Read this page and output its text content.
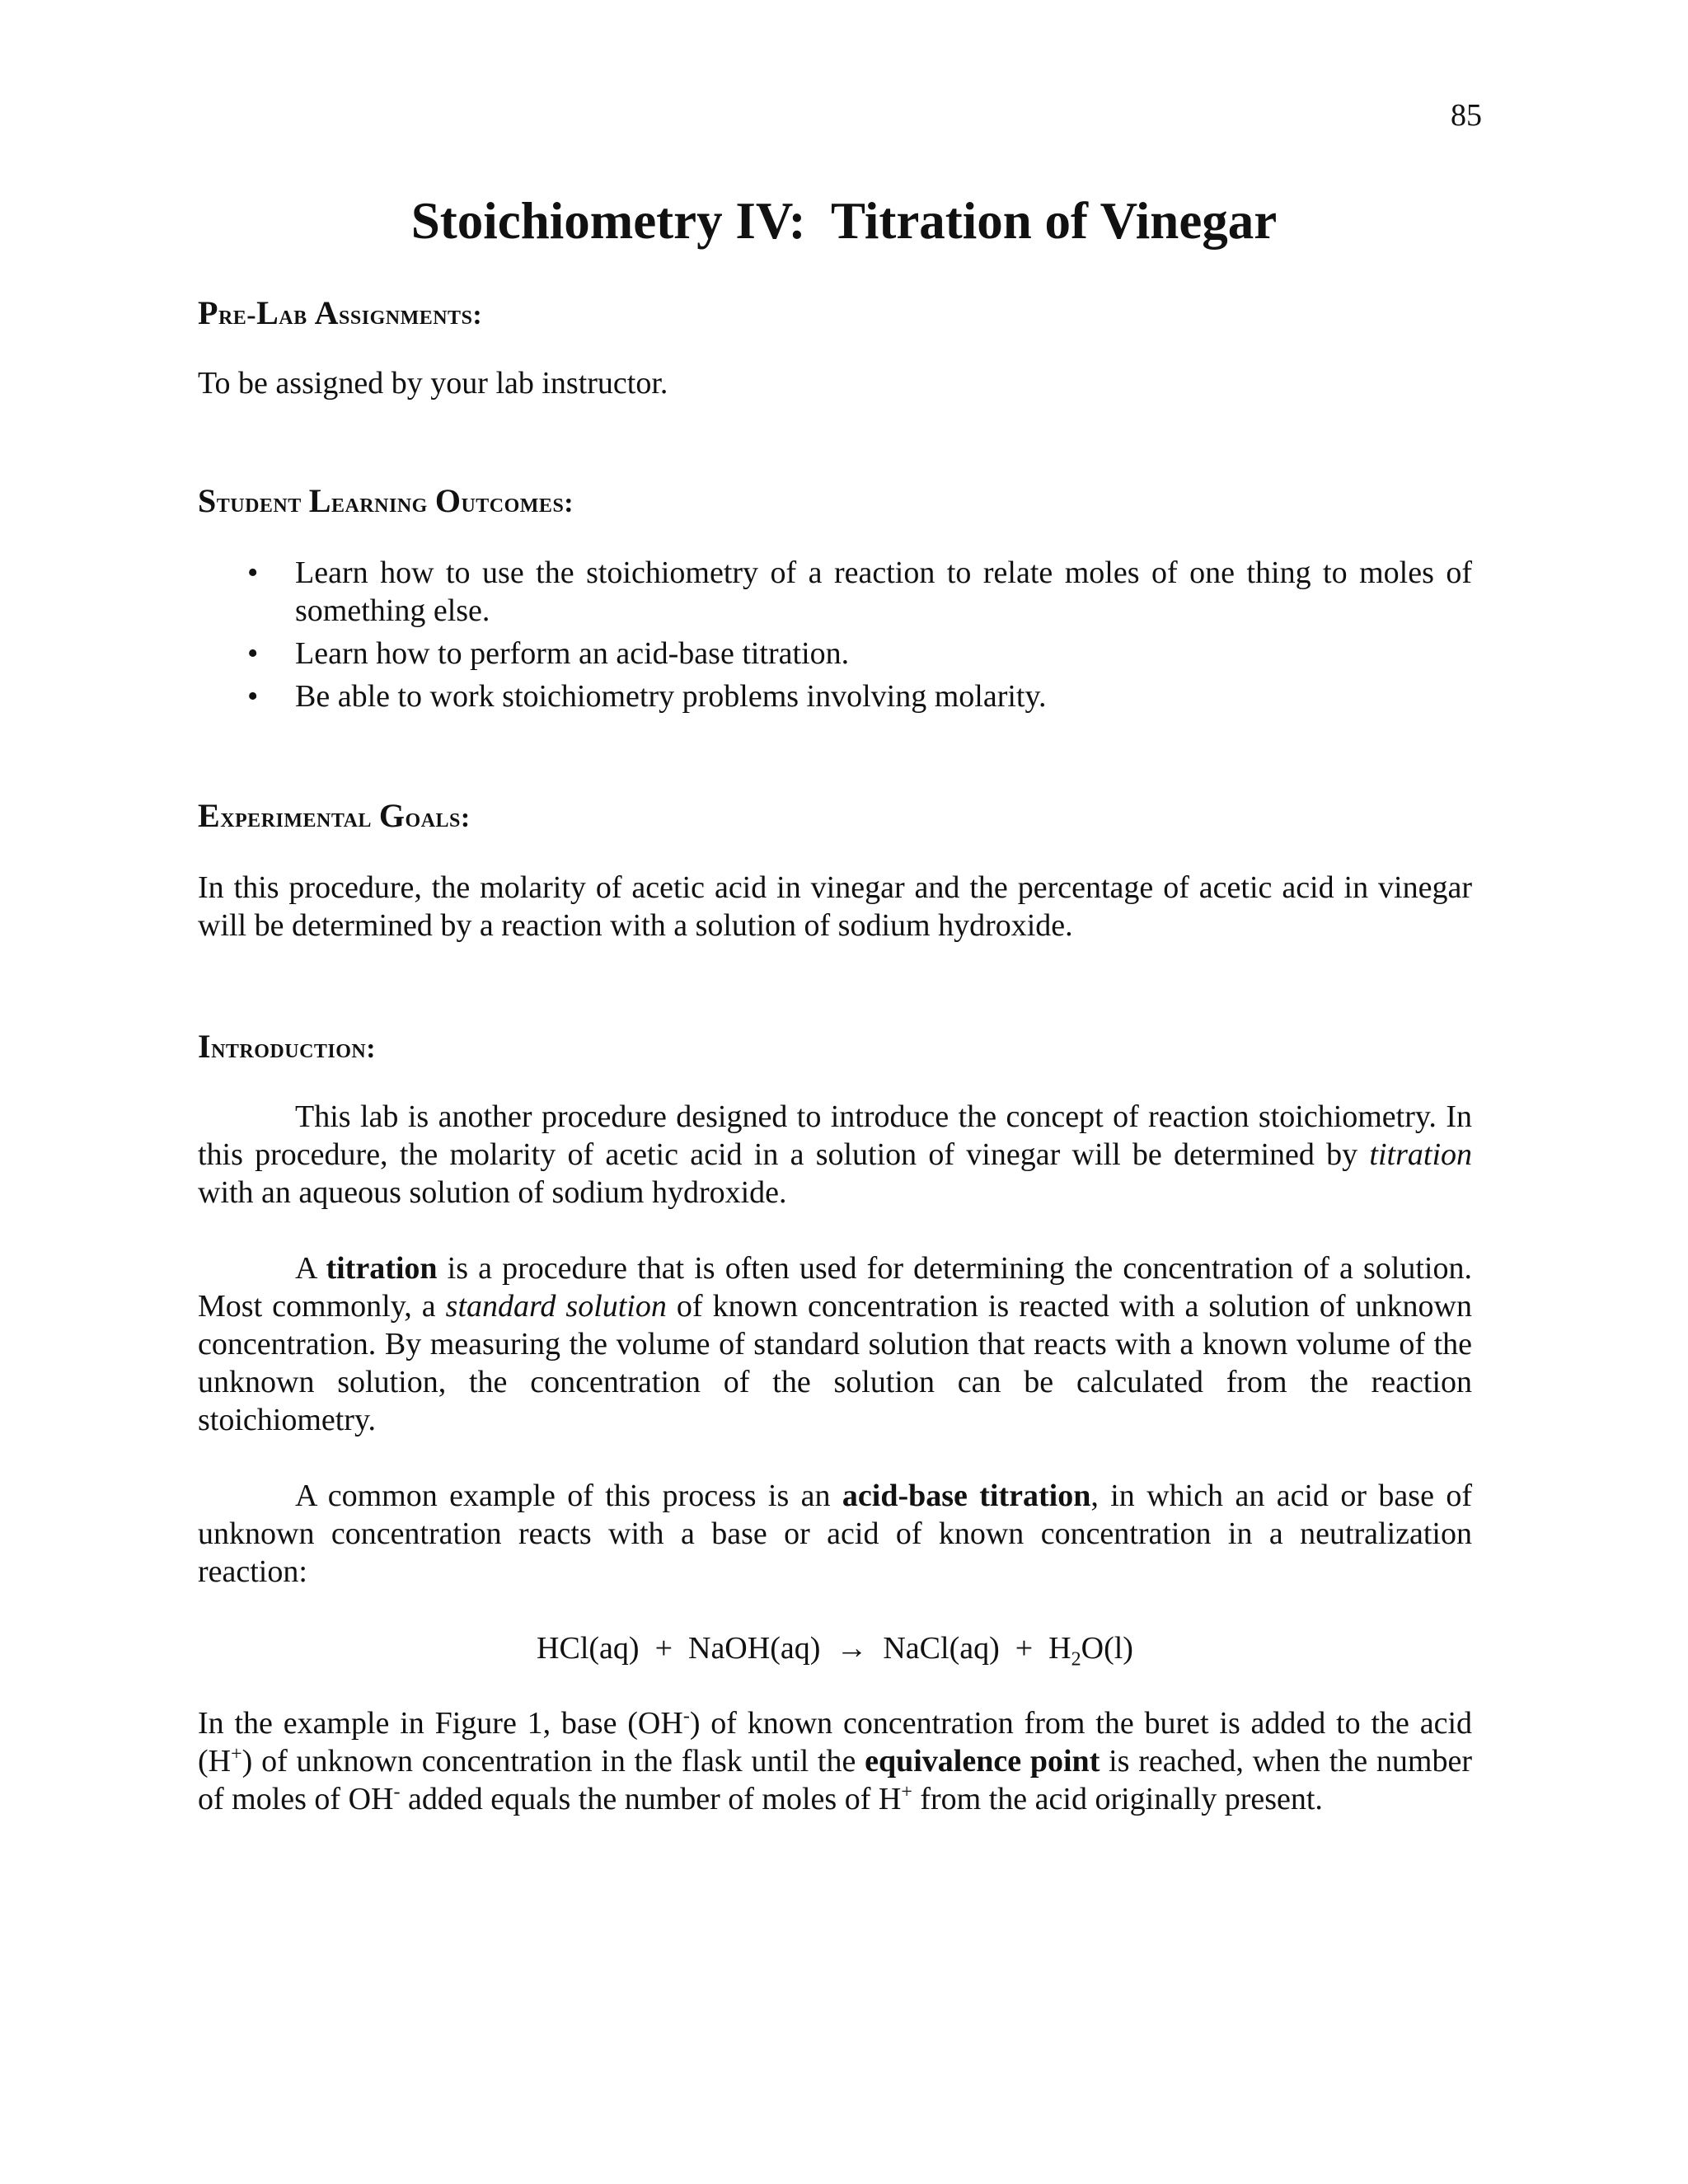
85

Stoichiometry IV:  Titration of Vinegar
Pre-Lab Assignments:

To be assigned by your lab instructor.

Student Learning Outcomes:
• Learn how to use the stoichiometry of a reaction to relate moles of one thing to moles of something else.
• Learn how to perform an acid-base titration.
• Be able to work stoichiometry problems involving molarity.
Experimental Goals:

In this procedure, the molarity of acetic acid in vinegar and the percentage of acetic acid in vinegar will be determined by a reaction with a solution of sodium hydroxide.

Introduction:

This lab is another procedure designed to introduce the concept of reaction stoichiometry. In this procedure, the molarity of acetic acid in a solution of vinegar will be determined by titration with an aqueous solution of sodium hydroxide.

A titration is a procedure that is often used for determining the concentration of a solution. Most commonly, a standard solution of known concentration is reacted with a solution of unknown concentration. By measuring the volume of standard solution that reacts with a known volume of the unknown solution, the concentration of the solution can be calculated from the reaction stoichiometry.

A common example of this process is an acid-base titration, in which an acid or base of unknown concentration reacts with a base or acid of known concentration in a neutralization reaction:

HCl(aq)  +  NaOH(aq)  →  NaCl(aq)  +  $H_2O(l)$

In the example in Figure 1, base (OH-) of known concentration from the buret is added to the acid (H+) of unknown concentration in the flask until the equivalence point is reached, when the number of moles of OH- added equals the number of moles of H+ from the acid originally present.
